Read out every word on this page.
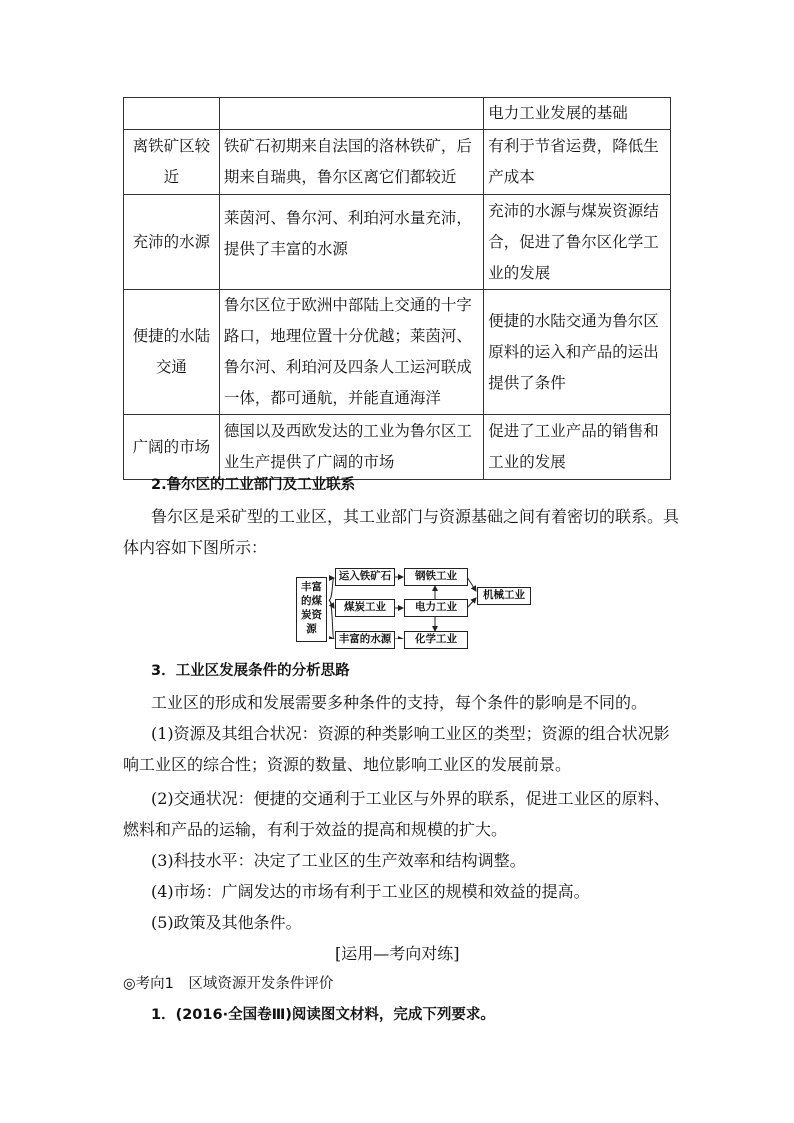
		电力工业发展的基础
离铁矿区较近	铁矿石初期来自法国的洛林铁矿，后期来自瑞典，鲁尔区离它们都较近	有利于节省运费，降低生产成本
充沛的水源	莱茵河、鲁尔河、利珀河水量充沛，提供了丰富的水源	充沛的水源与煤炭资源结合，促进了鲁尔区化学工业的发展
便捷的水陆交通	鲁尔区位于欧洲中部陆上交通的十字路口，地理位置十分优越；莱茵河、鲁尔河、利珀河及四条人工运河联成一体，都可通航，并能直通海洋	便捷的水陆交通为鲁尔区原料的运入和产品的运出提供了条件
广阔的市场	德国以及西欧发达的工业为鲁尔区工业生产提供了广阔的市场	促进了工业产品的销售和工业的发展
2.鲁尔区的工业部门及工业联系
鲁尔区是采矿型的工业区，其工业部门与资源基础之间有着密切的联系。具
体内容如下图所示：
丰富的煤炭资源
运入铁矿石
煤炭工业
丰富的水源
钢铁工业
电力工业
化学工业
机械工业
3．工业区发展条件的分析思路
工业区的形成和发展需要多种条件的支持，每个条件的影响是不同的。
(1)资源及其组合状况：资源的种类影响工业区的类型；资源的组合状况影
响工业区的综合性；资源的数量、地位影响工业区的发展前景。
(2)交通状况：便捷的交通利于工业区与外界的联系，促进工业区的原料、
燃料和产品的运输，有利于效益的提高和规模的扩大。
(3)科技水平：决定了工业区的生产效率和结构调整。
(4)市场：广阔发达的市场有利于工业区的规模和效益的提高。
(5)政策及其他条件。
[运用—考向对练]
◎考向1　区域资源开发条件评价
1．(2016·全国卷Ⅲ)阅读图文材料，完成下列要求。
